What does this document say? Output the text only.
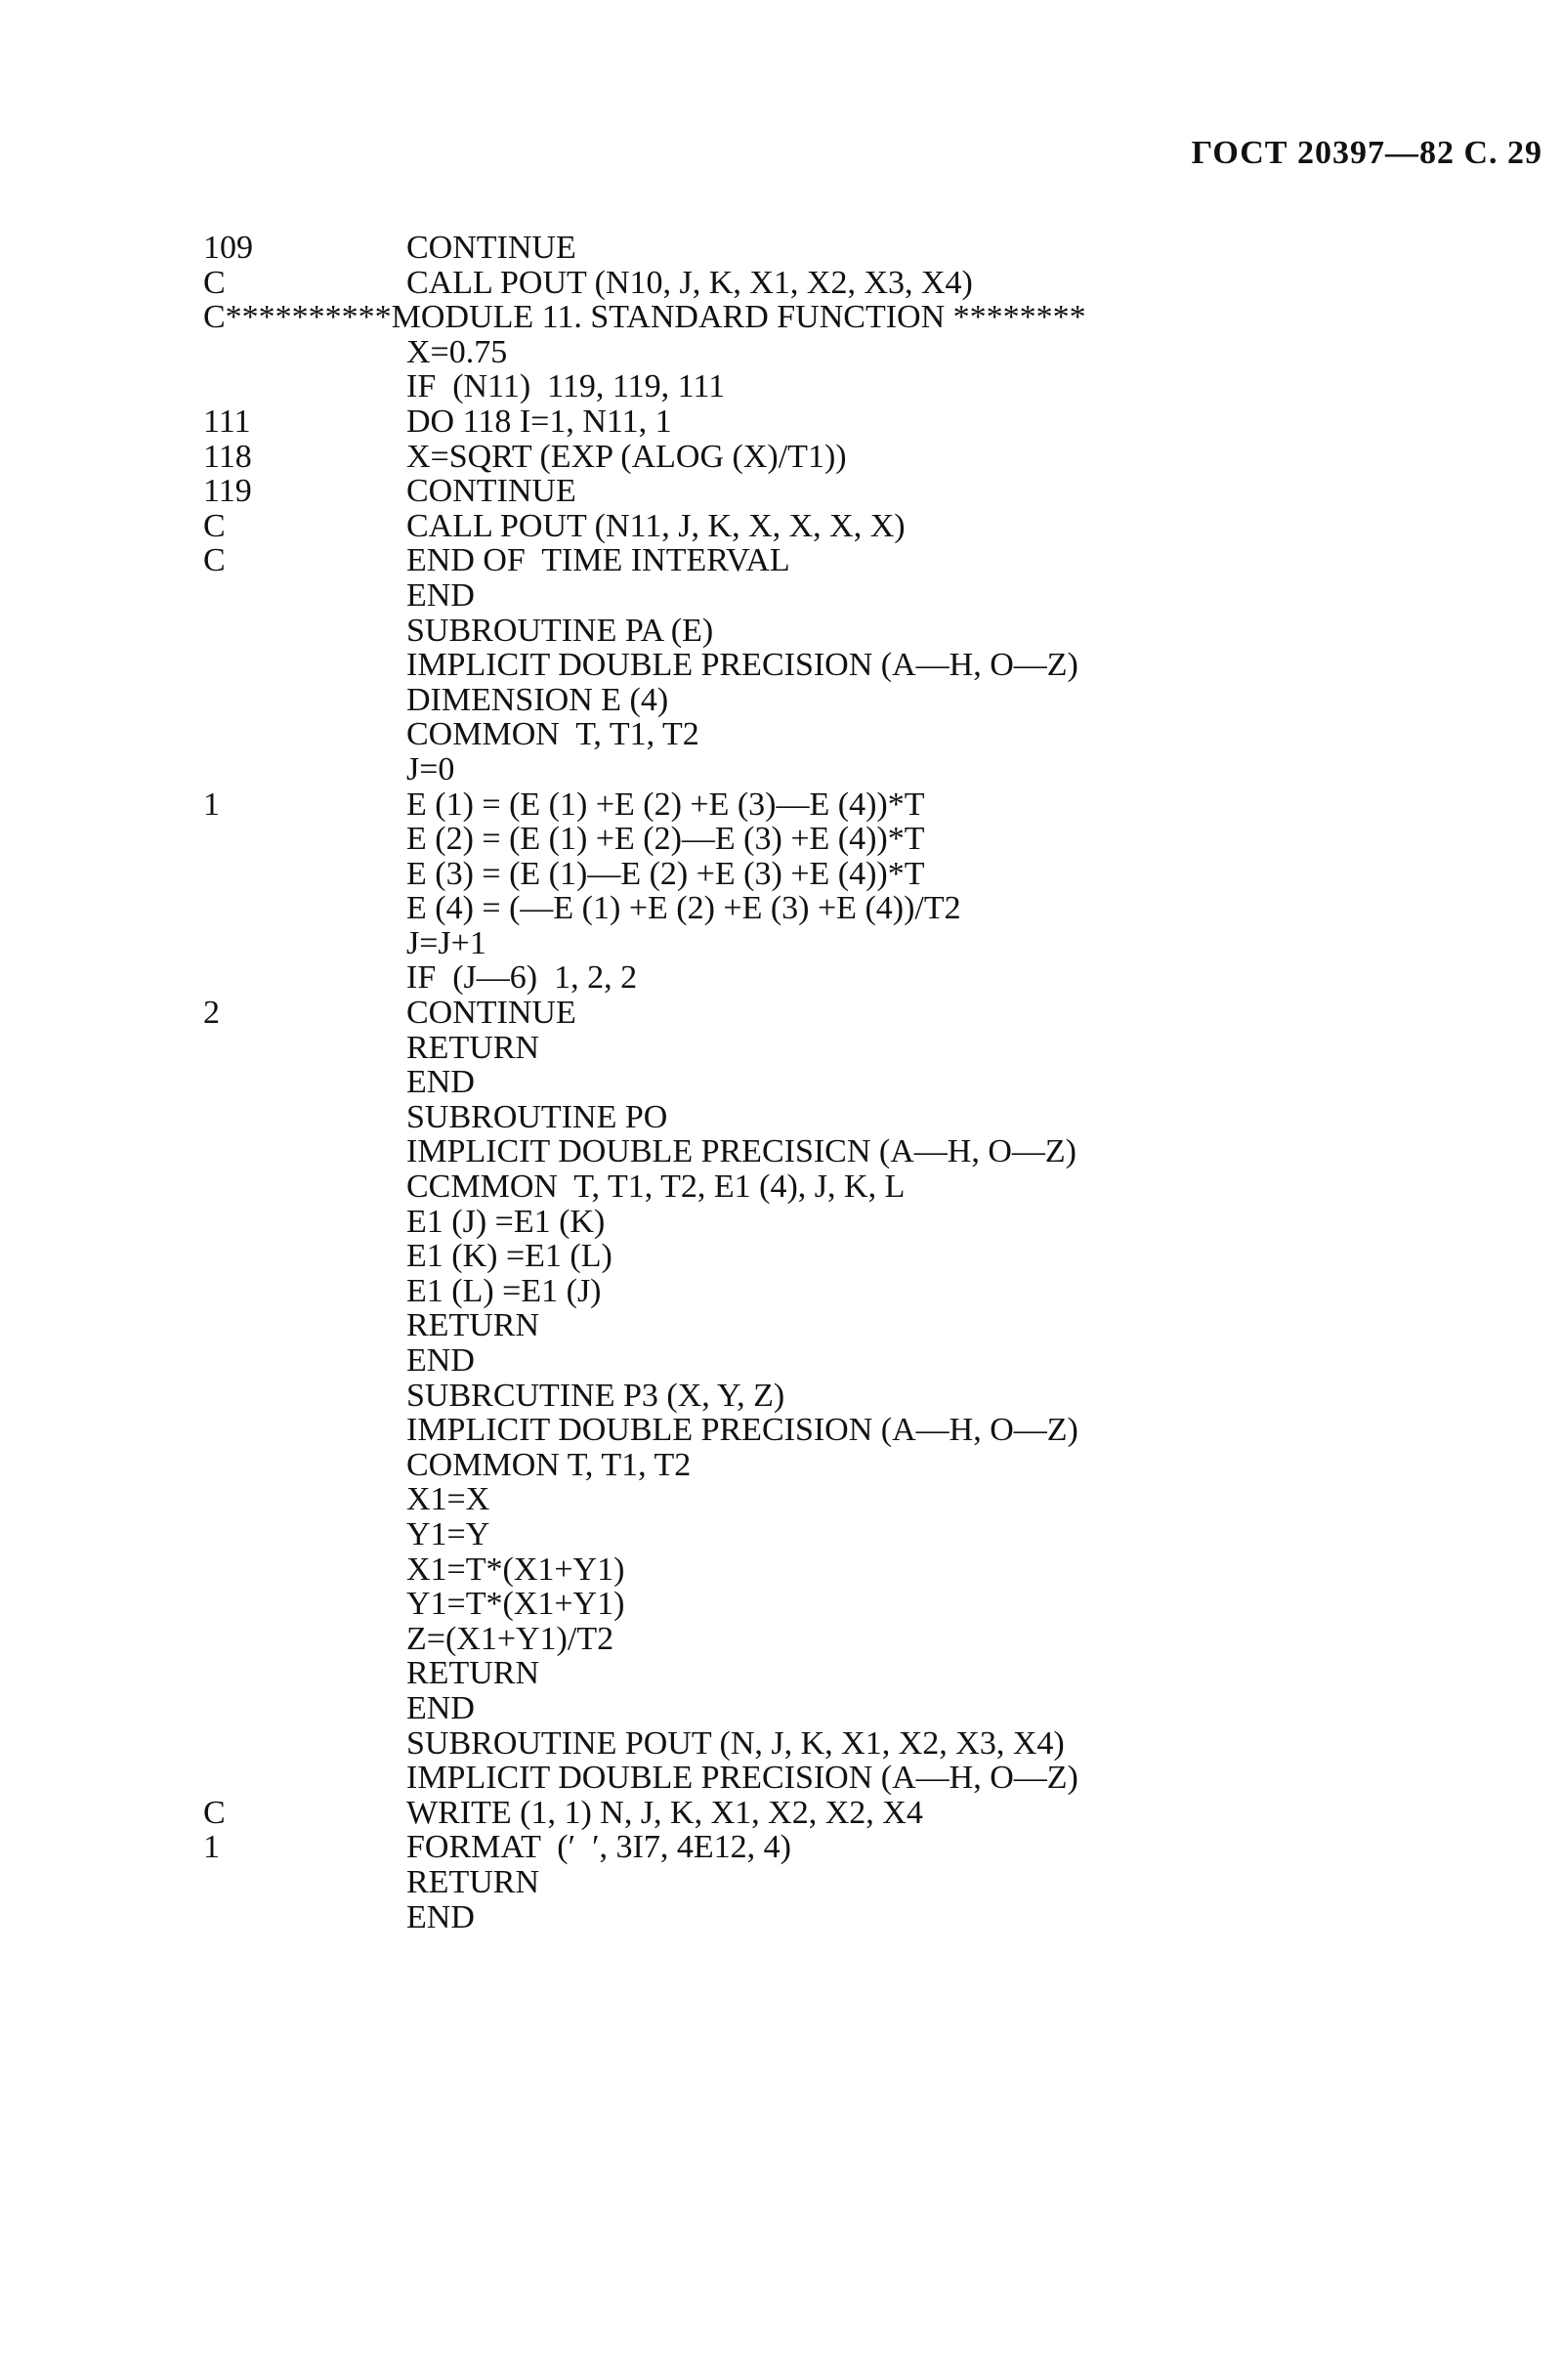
ГОСТ 20397—82 С. 29
109	CONTINUE
C	CALL POUT (N10, J, K, X1, X2, X3, X4)
C**********MODULE 11. STANDARD FUNCTION ********
X=0.75
IF  (N11)  119, 119, 111
111	DO 118 I=1, N11, 1
118	X=SQRT (EXP (ALOG (X)/T1))
119	CONTINUE
C	CALL POUT (N11, J, K, X, X, X, X)
C	END OF  TIME INTERVAL
END
SUBROUTINE PA (E)
IMPLICIT DOUBLE PRECISION (A—H, O—Z)
DIMENSION E (4)
COMMON  T, T1, T2
J=0
1	E (1) = (E (1) +E (2) +E (3)—E (4))*T
E (2) = (E (1) +E (2)—E (3) +E (4))*T
E (3) = (E (1)—E (2) +E (3) +E (4))*T
E (4) = (—E (1) +E (2) +E (3) +E (4))/T2
J=J+1
IF  (J—6)  1, 2, 2
2	CONTINUE
RETURN
END
SUBROUTINE PO
IMPLICIT DOUBLE PRECISICN (A—H, O—Z)
CCMMON  T, T1, T2, E1 (4), J, K, L
E1 (J) =E1 (K)
E1 (K) =E1 (L)
E1 (L) =E1 (J)
RETURN
END
SUBRCUTINE P3 (X, Y, Z)
IMPLICIT DOUBLE PRECISION (A—H, O—Z)
COMMON T, T1, T2
X1=X
Y1=Y
X1=T*(X1+Y1)
Y1=T*(X1+Y1)
Z=(X1+Y1)/T2
RETURN
END
SUBROUTINE POUT (N, J, K, X1, X2, X3, X4)
IMPLICIT DOUBLE PRECISION (A—H, O—Z)
C	WRITE (1, 1) N, J, K, X1, X2, X2, X4
1	FORMAT  (′  ′, 3I7, 4E12, 4)
RETURN
END
